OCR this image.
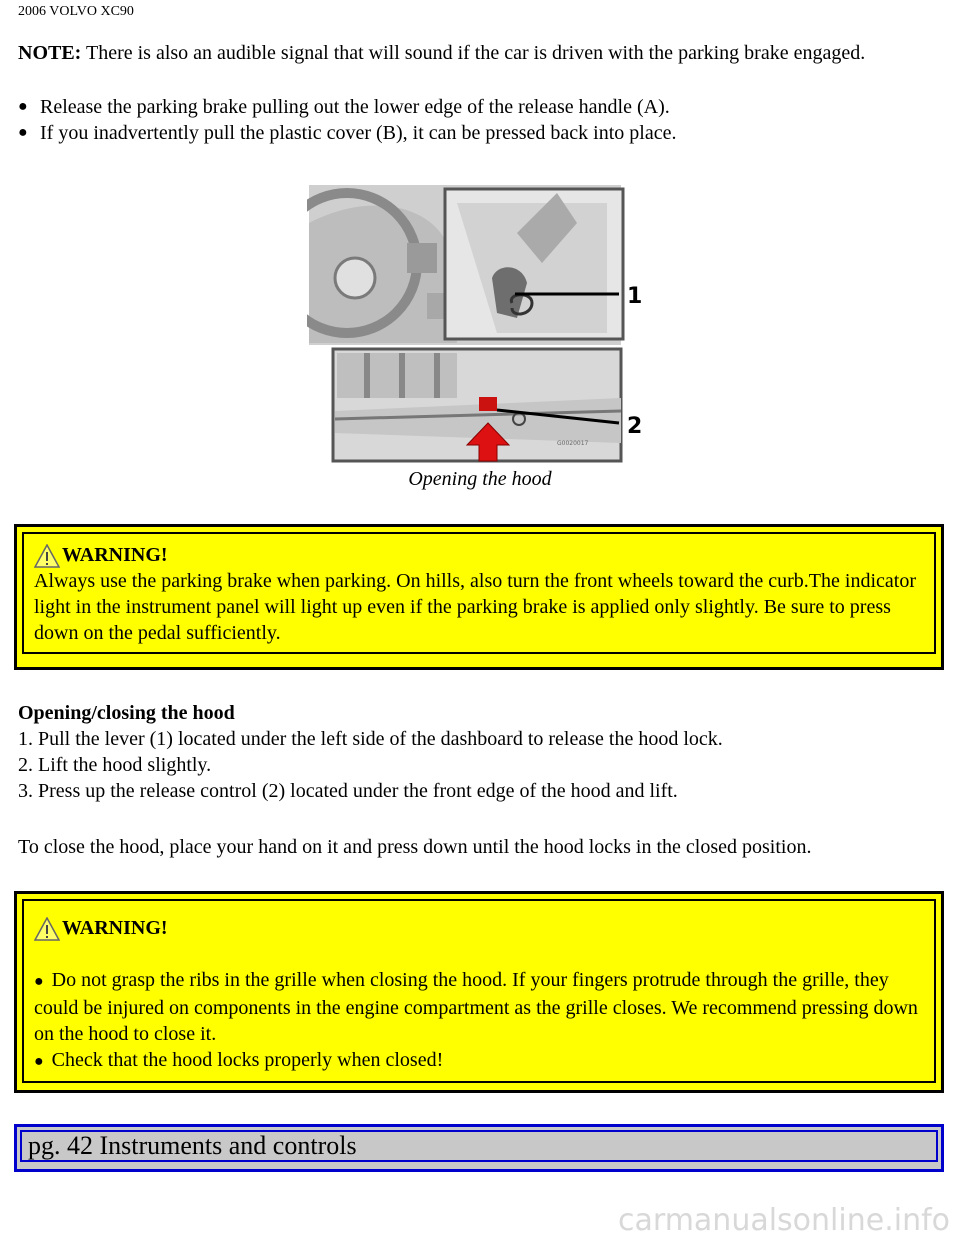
2006 VOLVO XC90
NOTE: There is also an audible signal that will sound if the car is driven with the parking brake engaged.
● Release the parking brake pulling out the lower edge of the release handle (A).
● If you inadvertently pull the plastic cover (B), it can be pressed back into place.
1
2
G0020017
Opening the hood
WARNING!
Always use the parking brake when parking. On hills, also turn the front wheels toward the curb.The indicator light in the instrument panel will light up even if the parking brake is applied only slightly. Be sure to press down on the pedal sufficiently.
Opening/closing the hood
1. Pull the lever (1) located under the left side of the dashboard to release the hood lock.
2. Lift the hood slightly.
3. Press up the release control (2) located under the front edge of the hood and lift.
To close the hood, place your hand on it and press down until the hood locks in the closed position.
WARNING!
● Do not grasp the ribs in the grille when closing the hood. If your fingers protrude through the grille, they could be injured on components in the engine compartment as the grille closes. We recommend pressing down on the hood to close it.
● Check that the hood locks properly when closed!
pg. 42 Instruments and controls
carmanualsonline.info
